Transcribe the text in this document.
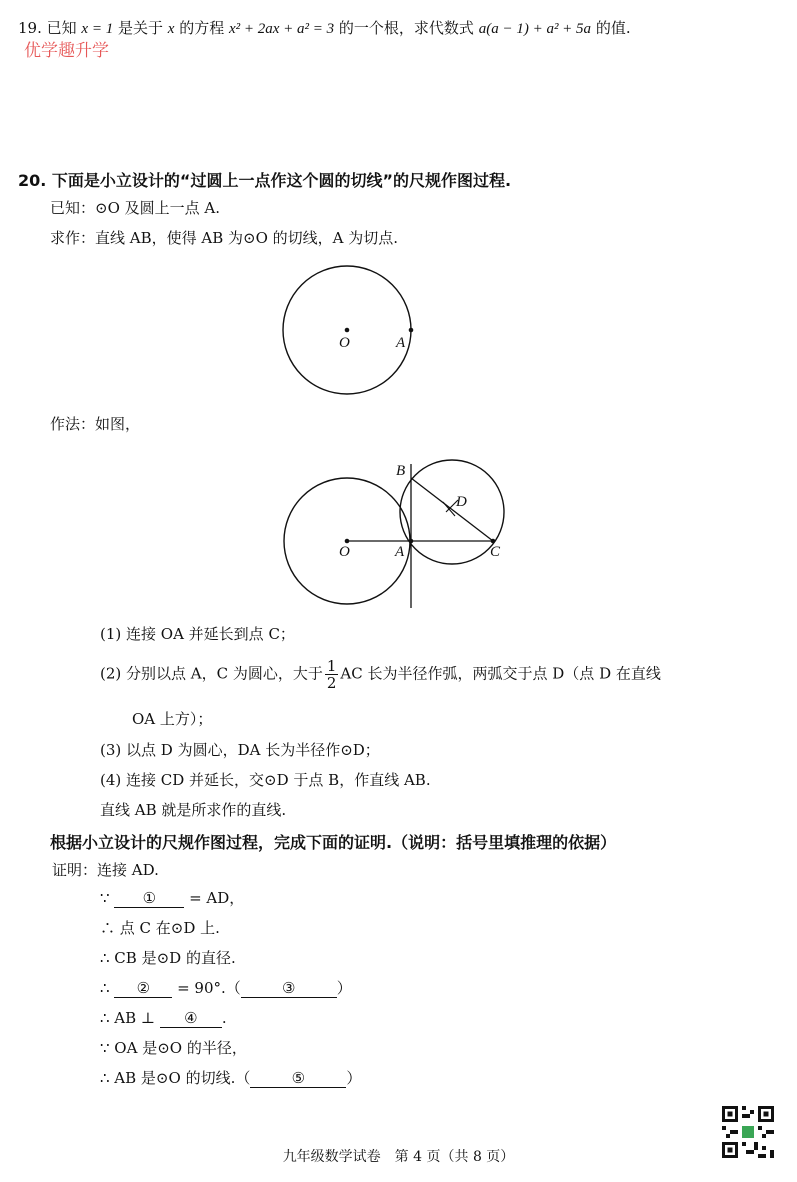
19. 已知 x = 1 是关于 x 的方程 x² + 2ax + a² = 3 的一个根，求代数式 a(a − 1) + a² + 5a 的值.
优学趣升学
20. 下面是小立设计的“过圆上一点作这个圆的切线”的尺规作图过程.
已知：⊙O 及圆上一点 A.
求作：直线 AB，使得 AB 为⊙O 的切线，A 为切点.
O	A
作法：如图，
B
D
O	A	C
(1) 连接 OA 并延长到点 C；
(2) 分别以点 A，C 为圆心，大于 $\frac{1}{2}$ AC 长为半径作弧，两弧交于点 D（点 D 在直线
OA 上方）；
(3) 以点 D 为圆心，DA 长为半径作⊙D；
(4) 连接 CD 并延长，交⊙D 于点 B，作直线 AB.
直线 AB 就是所求作的直线.
根据小立设计的尺规作图过程，完成下面的证明.（说明：括号里填推理的依据）
证明：连接 AD.
∵ ① = AD，
∴ 点 C 在⊙D 上.
∴ CB 是⊙D 的直径.
∴ ② = 90°.（	③	）
∴ AB ⊥ ④ .
∵ OA 是⊙O 的半径，
∴ AB 是⊙O 的切线.（	⑤	）
九年级数学试卷　第 4 页（共 8 页）
